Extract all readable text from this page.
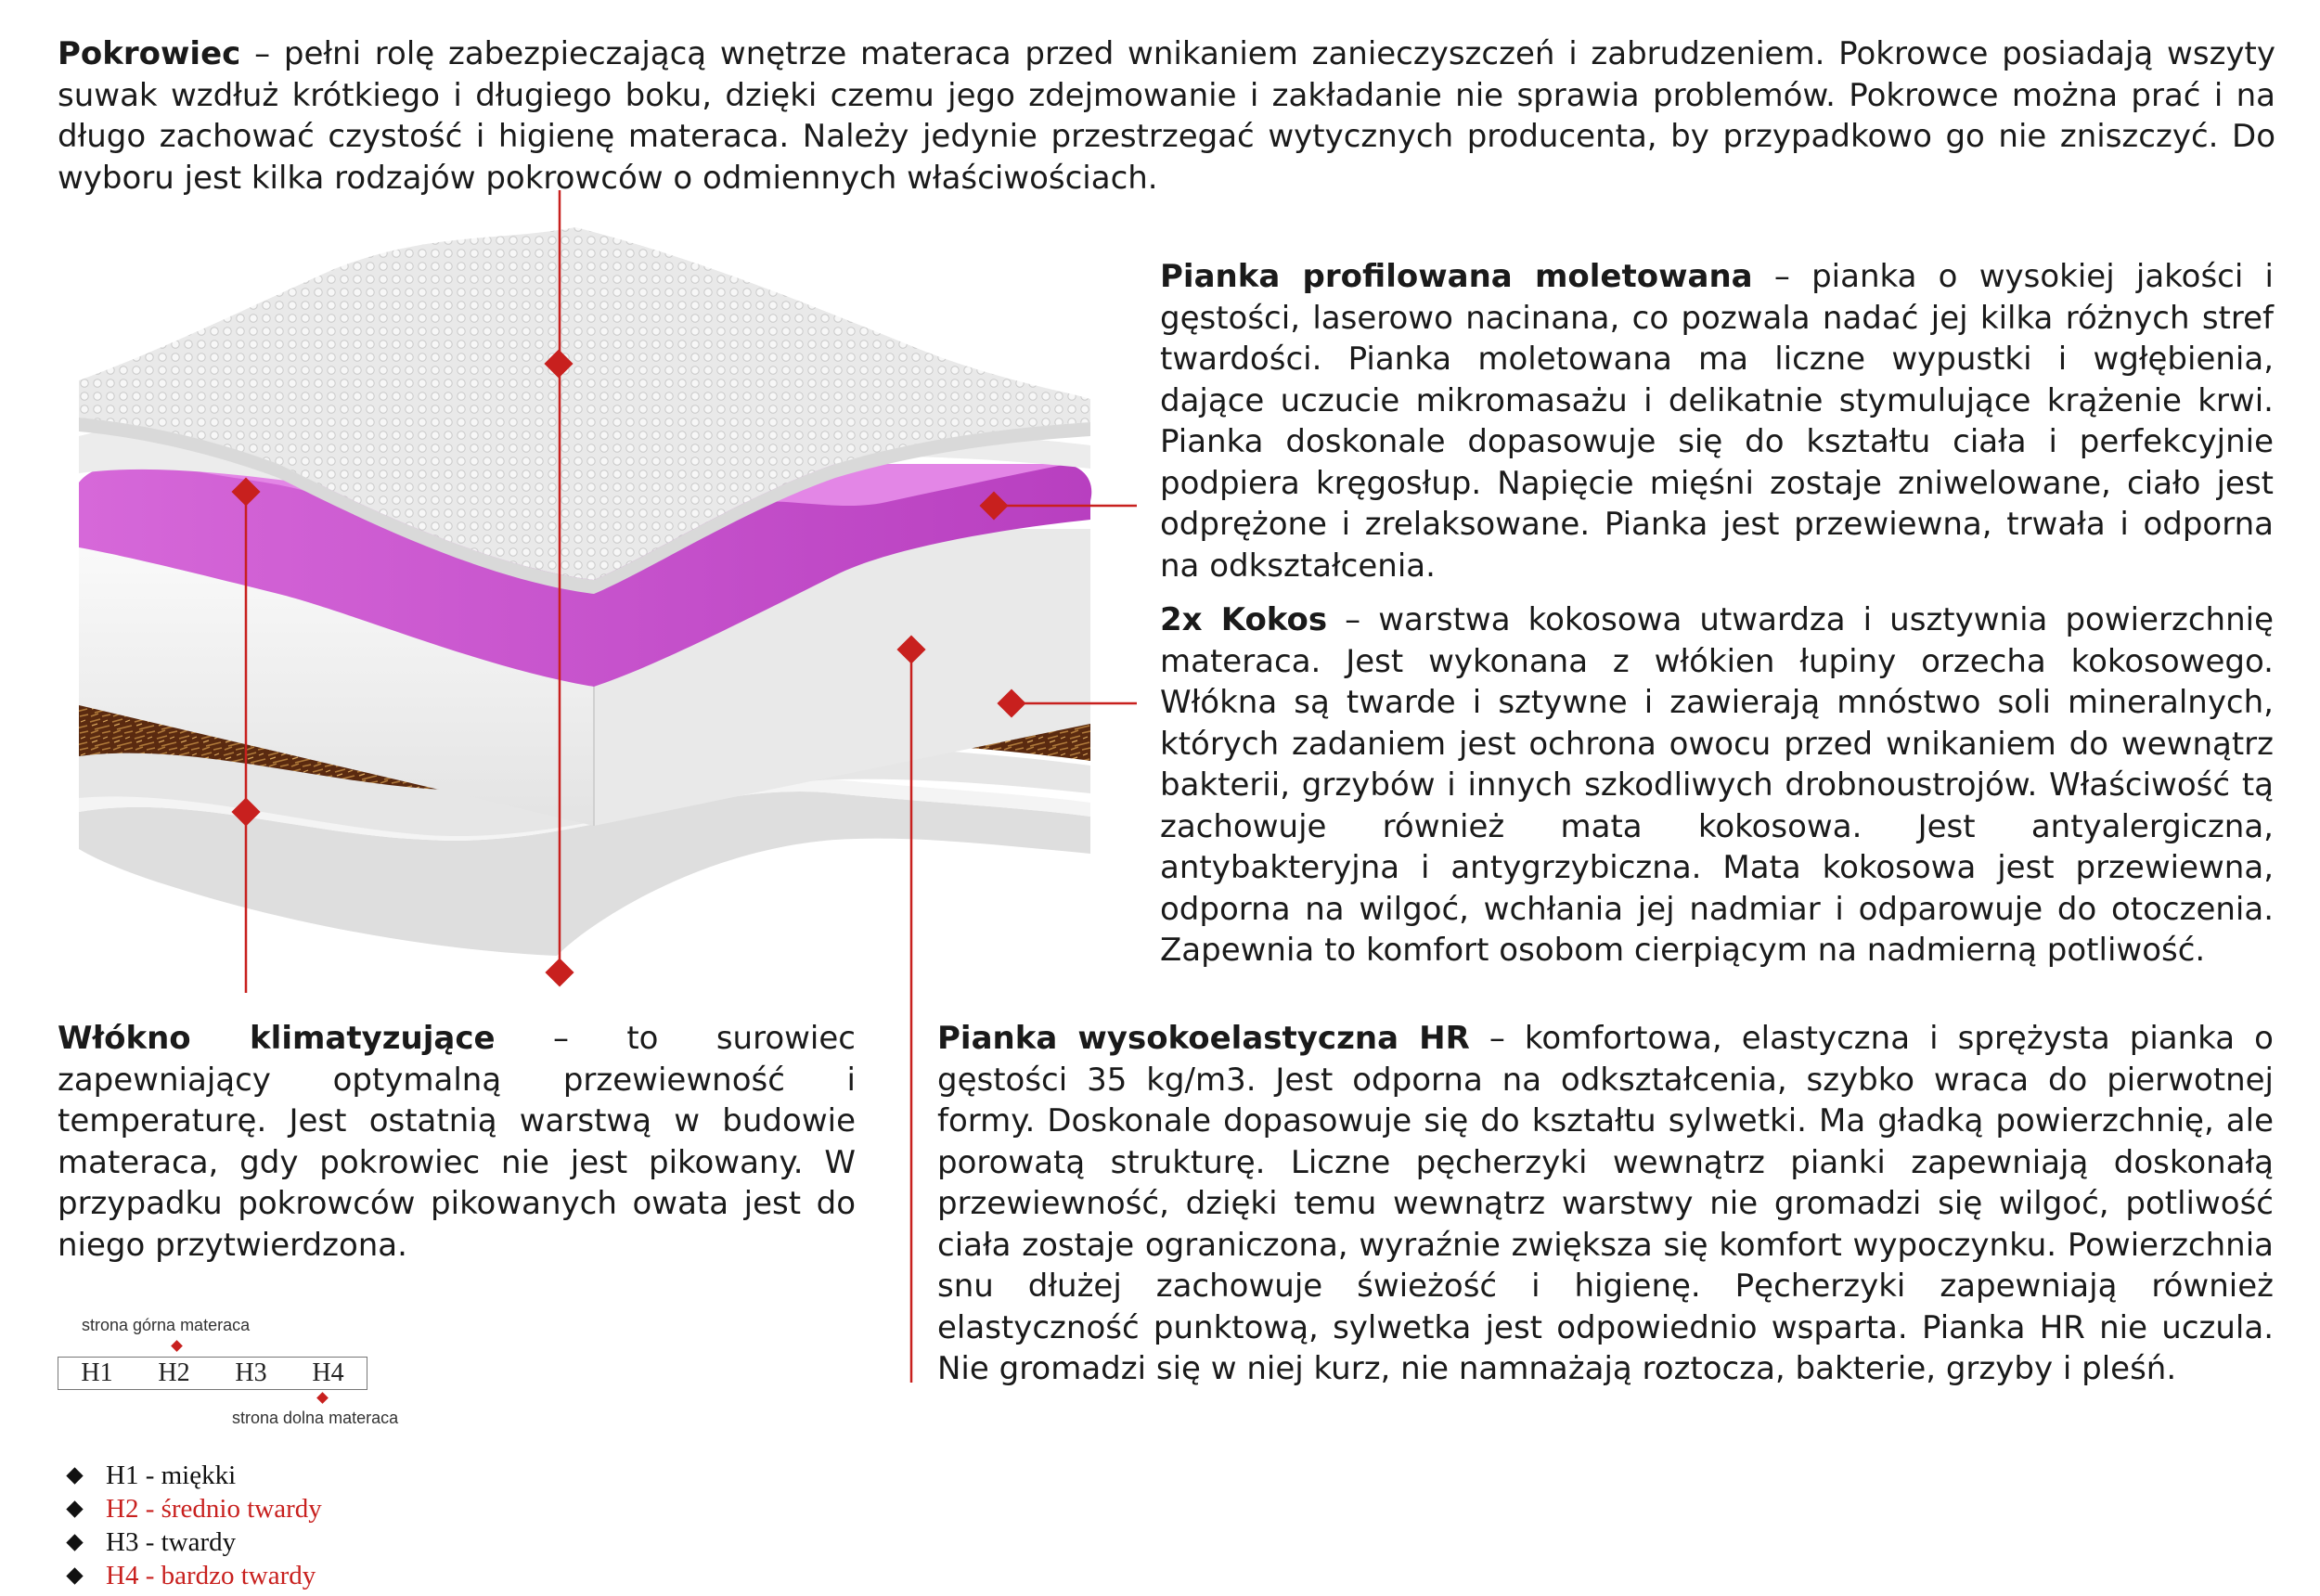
Pokrowiec – pełni rolę zabezpieczającą wnętrze materaca przed wnikaniem zanieczyszczeń i zabrudzeniem. Pokrowce posiadają wszyty suwak wzdłuż krótkiego i długiego boku, dzięki czemu jego zdejmowanie i zakładanie nie sprawia problemów. Pokrowce można prać i na długo zachować czystość i higienę materaca. Należy jedynie przestrzegać wytycznych producenta, by przypadkowo go nie zniszczyć. Do wyboru jest kilka rodzajów pokrowców o odmiennych właściwościach.

Pianka profilowana moletowana – pianka o wysokiej jakości i gęstości, laserowo nacinana, co pozwala nadać jej kilka różnych stref twardości. Pianka moletowana ma liczne wypustki i wgłębienia, dające uczucie mikromasażu i delikatnie stymulujące krążenie krwi. Pianka doskonale dopasowuje się do kształtu ciała i perfekcyjnie podpiera kręgosłup. Napięcie mięśni zostaje zniwelowane, ciało jest odprężone i zrelaksowane. Pianka jest przewiewna, trwała i odporna na odkształcenia.

2x Kokos – warstwa kokosowa utwardza i usztywnia powierzchnię materaca. Jest wykonana z włókien łupiny orzecha kokosowego. Włókna są twarde i sztywne i zawierają mnóstwo soli mineralnych, których zadaniem jest ochrona owocu przed wnikaniem do wewnątrz bakterii, grzybów i innych szkodliwych drobnoustrojów. Właściwość tą zachowuje również mata kokosowa. Jest antyalergiczna, antybakteryjna i antygrzybiczna. Mata kokosowa jest przewiewna, odporna na wilgoć, wchłania jej nadmiar i odparowuje do otoczenia. Zapewnia to komfort osobom cierpiącym na nadmierną potliwość.

Włókno klimatyzujące – to surowiec zapewniający optymalną przewiewność i temperaturę. Jest ostatnią warstwą w budowie materaca, gdy pokrowiec nie jest pikowany. W przypadku pokrowców pikowanych owata jest do niego przytwierdzona.

Pianka wysokoelastyczna HR – komfortowa, elastyczna i sprężysta pianka o gęstości 35 kg/m3. Jest odporna na odkształcenia, szybko wraca do pierwotnej formy. Doskonale dopasowuje się do kształtu sylwetki. Ma gładką powierzchnię, ale porowatą strukturę. Liczne pęcherzyki wewnątrz pianki zapewniają doskonałą przewiewność, dzięki temu wewnątrz warstwy nie gromadzi się wilgoć, potliwość ciała zostaje ograniczona, wyraźnie zwiększa się komfort wypoczynku. Powierzchnia snu dłużej zachowuje świeżość i higienę. Pęcherzyki zapewniają również elastyczność punktową, sylwetka jest odpowiednio wsparta. Pianka HR nie uczula. Nie gromadzi się w niej kurz, nie namnażają roztocza, bakterie, grzyby i pleśń.

strona górna materaca
H1 H2 H3 H4
strona dolna materaca
H1 - miękki
H2 - średnio twardy
H3 - twardy
H4 - bardzo twardy
